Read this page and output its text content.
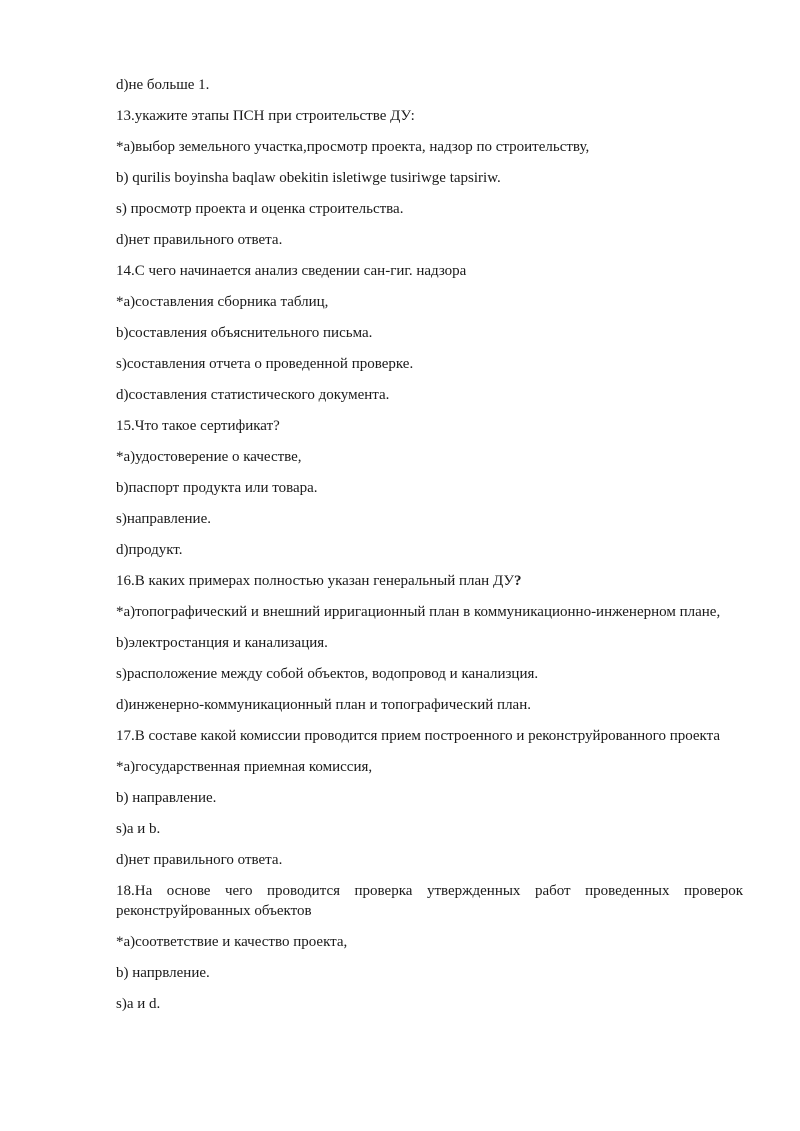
d)не больше 1.
13.укажите этапы ПСН при строительстве ДУ:
*а)выбор земельного участка,просмотр проекта, надзор по строительству,
b) qurilis boyinsha baqlaw obekitin isletiwge tusiriwge tapsiriw.
s) просмотр проекта и оценка строительства.
d)нет правильного ответа.
14.С чего начинается анализ сведении сан-гиг. надзора
*а)составления сборника таблиц,
b)составления объяснительного письма.
s)составления отчета о проведенной проверке.
d)составления статистического документа.
15.Что такое сертификат?
*а)удостоверение о качестве,
b)паспорт продукта или товара.
s)направление.
d)продукт.
16.В каких примерах полностью указан генеральный план ДУ?
*а)топографический и внешний ирригационный план в коммуникационно-инженерном плане,
b)электростанция и канализация.
s)расположение между собой объектов, водопровод и канализция.
d)инженерно-коммуникационный план и топографический план.
17.В составе какой комиссии проводится прием построенного и реконструйрованного проекта
*а)государственная приемная комиссия,
b) направление.
s)a и b.
d)нет правильного ответа.
18.На основе чего проводится проверка утвержденных работ проведенных проверок реконструйрованных объектов
*а)соответствие и качество проекта,
b) напрвление.
s)a и d.
